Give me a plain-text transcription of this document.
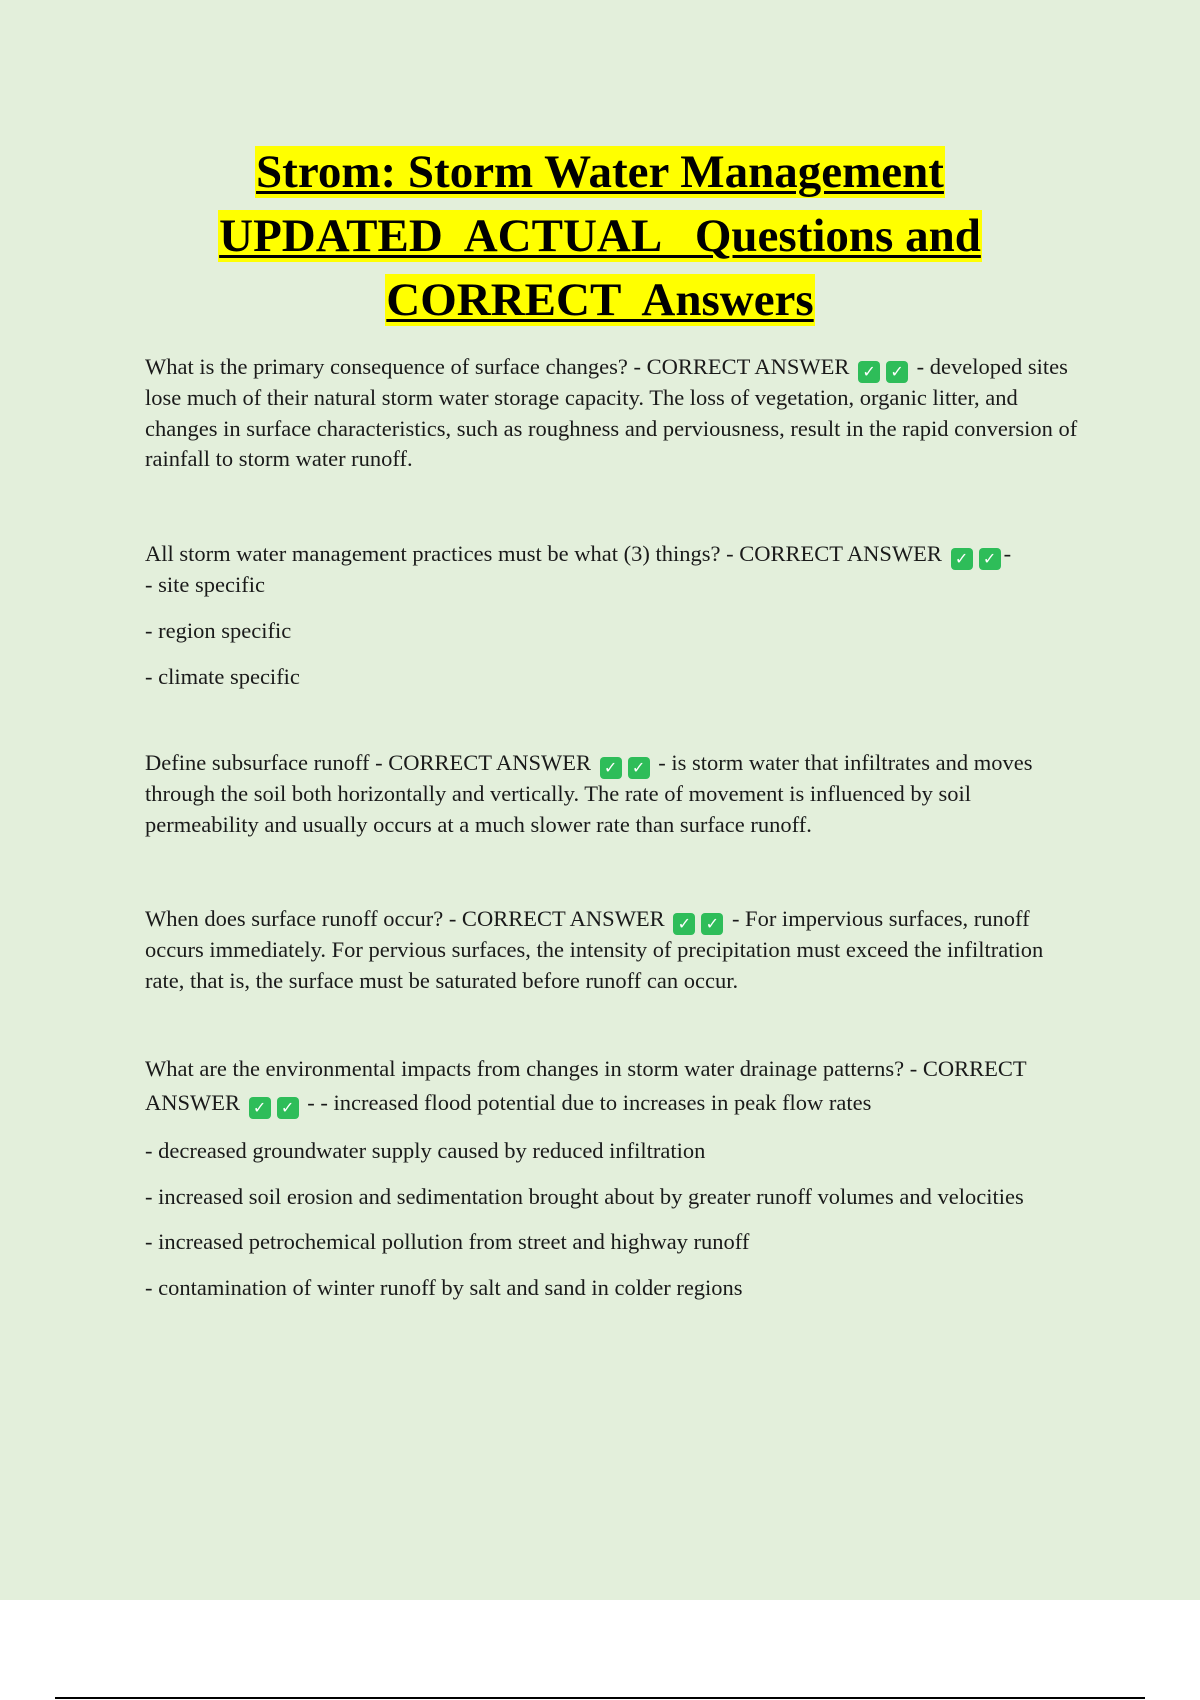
Strom: Storm Water Management
UPDATED  ACTUAL   Questions and
CORRECT  Answers

What is the primary consequence of surface changes? - CORRECT ANSWER ✓ ✓ - developed sites lose much of their natural storm water storage capacity. The loss of vegetation, organic litter, and changes in surface characteristics, such as roughness and perviousness, result in the rapid conversion of rainfall to storm water runoff.

All storm water management practices must be what (3) things? - CORRECT ANSWER ✓ ✓ -
- site specific

- region specific

- climate specific

Define subsurface runoff - CORRECT ANSWER ✓ ✓ - is storm water that infiltrates and moves through the soil both horizontally and vertically. The rate of movement is influenced by soil permeability and usually occurs at a much slower rate than surface runoff.

When does surface runoff occur? - CORRECT ANSWER ✓ ✓ - For impervious surfaces, runoff occurs immediately. For pervious surfaces, the intensity of precipitation must exceed the infiltration rate, that is, the surface must be saturated before runoff can occur.

What are the environmental impacts from changes in storm water drainage patterns? - CORRECT ANSWER ✓ ✓ - - increased flood potential due to increases in peak flow rates

- decreased groundwater supply caused by reduced infiltration

- increased soil erosion and sedimentation brought about by greater runoff volumes and velocities

- increased petrochemical pollution from street and highway runoff

- contamination of winter runoff by salt and sand in colder regions
